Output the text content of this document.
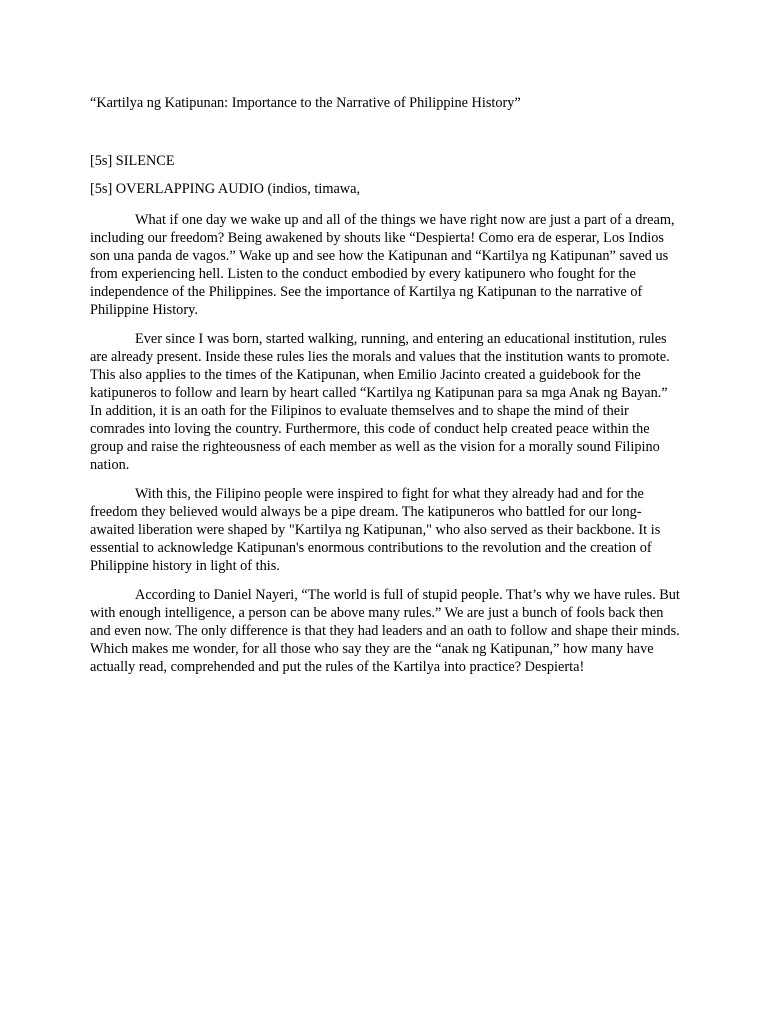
“Kartilya ng Katipunan: Importance to the Narrative of Philippine History”

[5s] SILENCE

[5s] OVERLAPPING AUDIO (indios, timawa,

What if one day we wake up and all of the things we have right now are just a part of a dream, including our freedom? Being awakened by shouts like “Despierta! Como era de esperar, Los Indios son una panda de vagos.” Wake up and see how the Katipunan and “Kartilya ng Katipunan” saved us from experiencing hell. Listen to the conduct embodied by every katipunero who fought for the independence of the Philippines. See the importance of Kartilya ng Katipunan to the narrative of Philippine History.

Ever since I was born, started walking, running, and entering an educational institution, rules are already present. Inside these rules lies the morals and values that the institution wants to promote. This also applies to the times of the Katipunan, when Emilio Jacinto created a guidebook for the katipuneros to follow and learn by heart called “Kartilya ng Katipunan para sa mga Anak ng Bayan.” In addition, it is an oath for the Filipinos to evaluate themselves and to shape the mind of their comrades into loving the country. Furthermore, this code of conduct help created peace within the group and raise the righteousness of each member as well as the vision for a morally sound Filipino nation.

With this, the Filipino people were inspired to fight for what they already had and for the freedom they believed would always be a pipe dream. The katipuneros who battled for our long-awaited liberation were shaped by "Kartilya ng Katipunan," who also served as their backbone. It is essential to acknowledge Katipunan's enormous contributions to the revolution and the creation of Philippine history in light of this.

According to Daniel Nayeri, “The world is full of stupid people. That’s why we have rules. But with enough intelligence, a person can be above many rules.” We are just a bunch of fools back then and even now. The only difference is that they had leaders and an oath to follow and shape their minds. Which makes me wonder, for all those who say they are the “anak ng Katipunan,” how many have actually read, comprehended and put the rules of the Kartilya into practice? Despierta!
